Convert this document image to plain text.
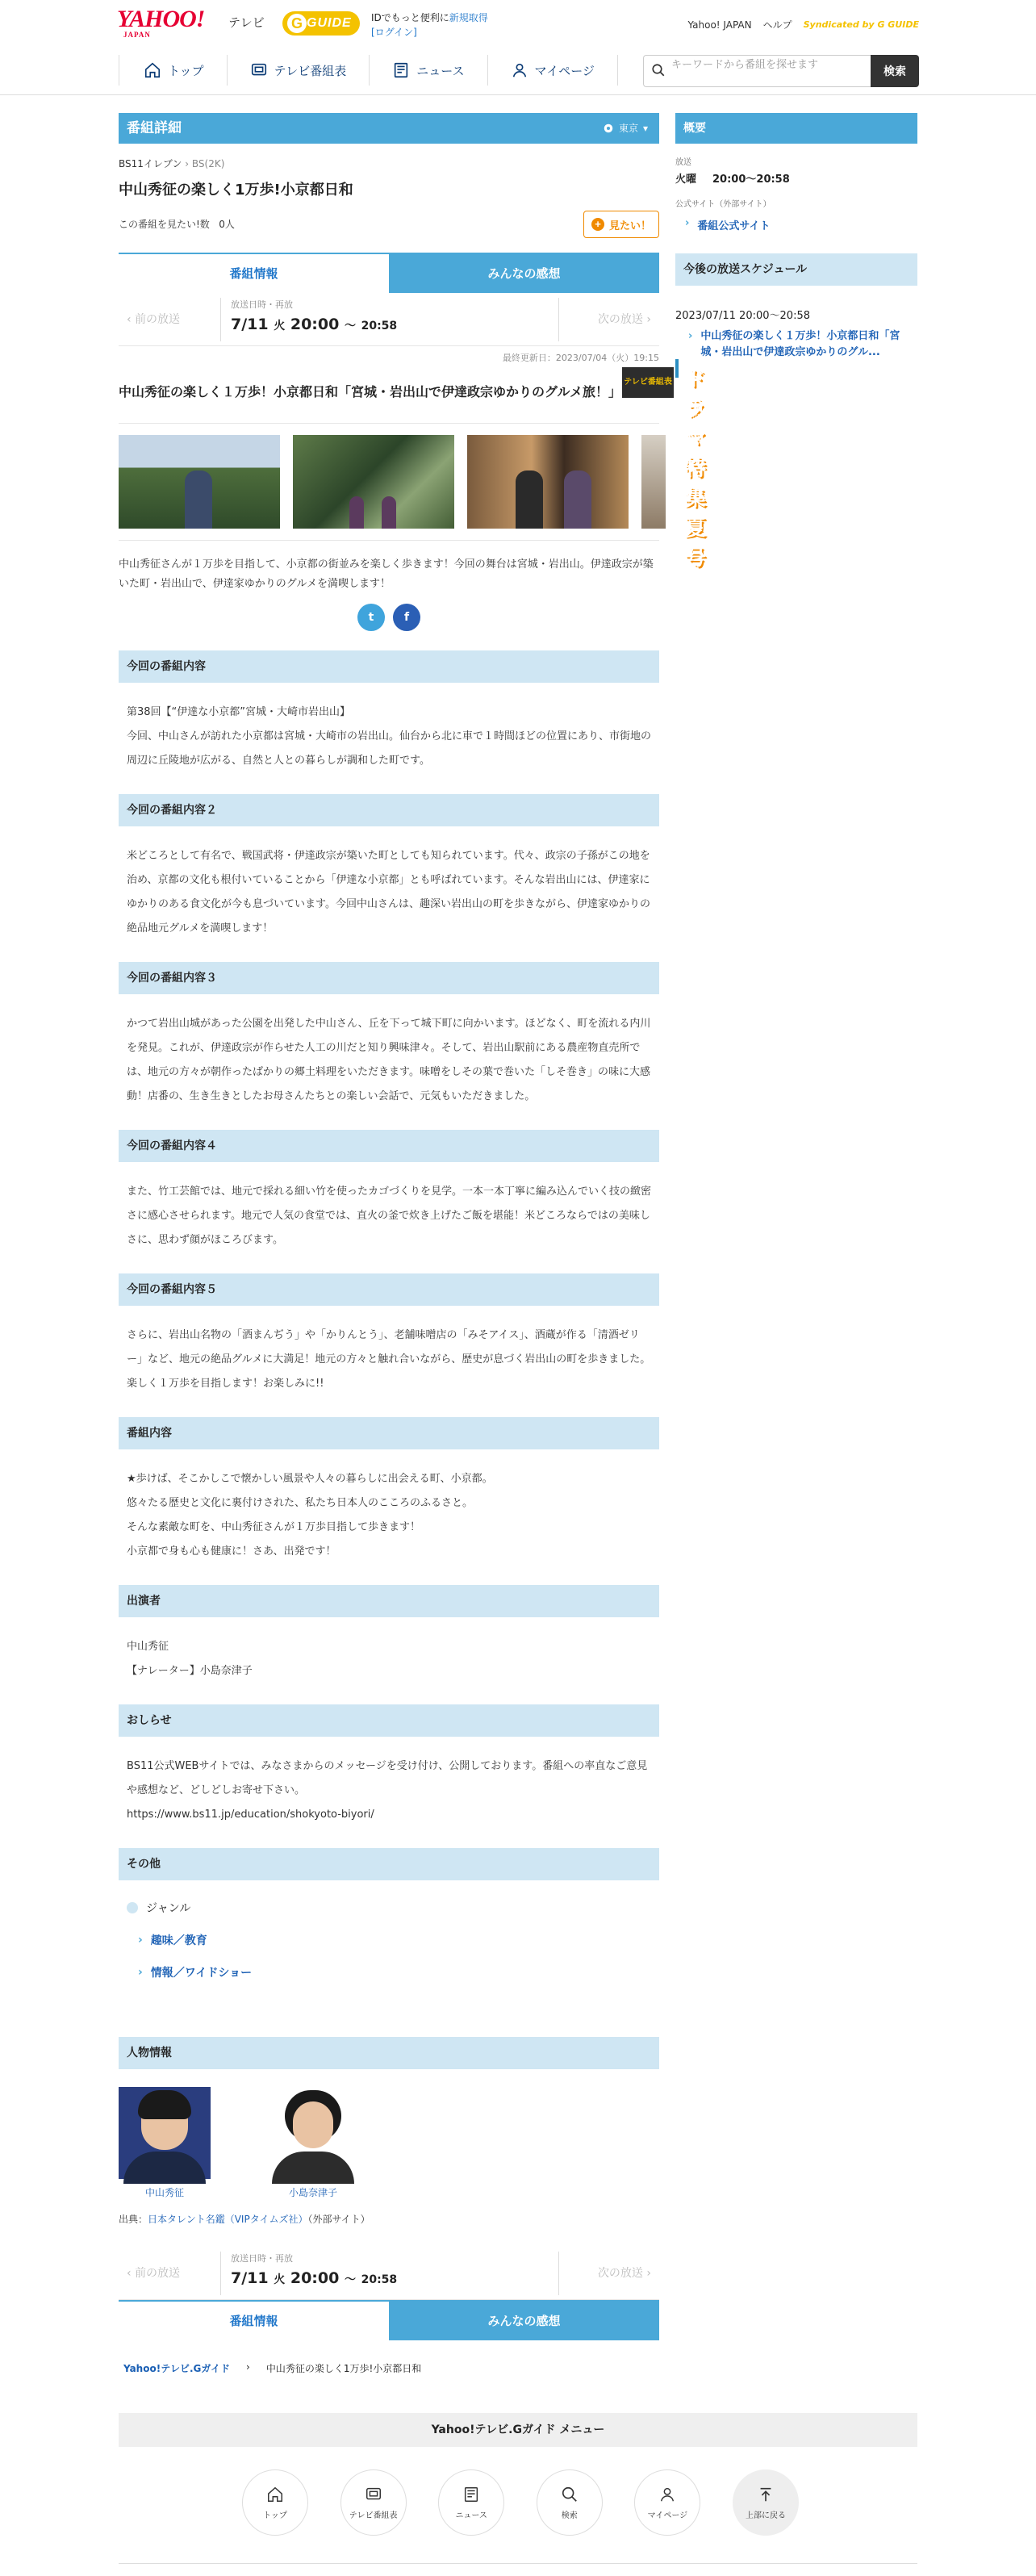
YAHOO!
JAPAN
テレビ G GUIDE IDでもっと便利に新規取得
[ログイン]
Yahoo! JAPAN ヘルプ Syndicated by G GUIDE
トップ	テレビ番組表	ニュース	マイページ	キーワードから番組を探せます	検索
番組詳細	東京 ▾
BS11イレブン › BS(2K)
中山秀征の楽しく1万歩!小京都日和
この番組を見たい!数 0人	+ 見たい！
番組情報	みんなの感想
‹ 前の放送
放送日時・再放
7/11 火 20:00 〜 20:58	次の放送 ›
最終更新日：2023/07/04（火）19:15
中山秀征の楽しく１万歩！小京都日和「宮城・岩出山で伊達政宗ゆかりのグルメ旅！」
中山秀征さんが１万歩を目指して、小京都の街並みを楽しく歩きます！今回の舞台は宮城・岩出山。伊達政宗が築いた町・岩出山で、伊達家ゆかりのグルメを満喫します！
t	f
今回の番組内容
第38回【“伊達な小京都”宮城・大崎市岩出山】
今回、中山さんが訪れた小京都は宮城・大崎市の岩出山。仙台から北に車で１時間ほどの位置にあり、市街地の周辺に丘陵地が広がる、自然と人との暮らしが調和した町です。
今回の番組内容２
米どころとして有名で、戦国武将・伊達政宗が築いた町としても知られています。代々、政宗の子孫がこの地を治め、京都の文化も根付いていることから「伊達な小京都」とも呼ばれています。そんな岩出山には、伊達家にゆかりのある食文化が今も息づいています。今回中山さんは、趣深い岩出山の町を歩きながら、伊達家ゆかりの絶品地元グルメを満喫します！
今回の番組内容３
かつて岩出山城があった公園を出発した中山さん、丘を下って城下町に向かいます。ほどなく、町を流れる内川を発見。これが、伊達政宗が作らせた人工の川だと知り興味津々。そして、岩出山駅前にある農産物直売所では、地元の方々が朝作ったばかりの郷土料理をいただきます。味噌をしその葉で巻いた「しそ巻き」の味に大感動！店番の、生き生きとしたお母さんたちとの楽しい会話で、元気もいただきました。
今回の番組内容４
また、竹工芸館では、地元で採れる細い竹を使ったカゴづくりを見学。一本一本丁寧に編み込んでいく技の緻密さに感心させられます。地元で人気の食堂では、直火の釜で炊き上げたご飯を堪能！米どころならではの美味しさに、思わず顔がほころびます。
今回の番組内容５
さらに、岩出山名物の「酒まんぢう」や「かりんとう」、老舗味噌店の「みそアイス」、酒蔵が作る「清酒ゼリー」など、地元の絶品グルメに大満足！地元の方々と触れ合いながら、歴史が息づく岩出山の町を歩きました。楽しく１万歩を目指します！お楽しみに!!
番組内容
★歩けば、そこかしこで懐かしい風景や人々の暮らしに出会える町、小京都。
悠々たる歴史と文化に裏付けされた、私たち日本人のこころのふるさと。
そんな素敵な町を、中山秀征さんが１万歩目指して歩きます！
小京都で身も心も健康に！さあ、出発です！
出演者
中山秀征
【ナレーター】小島奈津子
おしらせ
BS11公式WEBサイトでは、みなさまからのメッセージを受け付け、公開しております。番組への率直なご意見や感想など、どしどしお寄せ下さい。
https://www.bs11.jp/education/shokyoto-biyori/
その他
ジャンル
› 趣味／教育
› 情報／ワイドショー
人物情報
中山秀征	小島奈津子
出典：日本タレント名鑑（VIPタイムズ社）（外部サイト）
‹ 前の放送
放送日時・再放
7/11 火 20:00 〜 20:58	次の放送 ›
番組情報	みんなの感想
Yahoo!テレビ.Gガイド › 中山秀征の楽しく1万歩!小京都日和
概要
放送
火曜 20:00〜20:58
公式サイト（外部サイト）
› 番組公式サイト
今後の放送スケジュール
2023/07/11 20:00〜20:58
› 中山秀征の楽しく１万歩！小京都日和「宮城・岩出山で伊達政宗ゆかりのグル...
ドラマ特集夏号
話題の新ドラマを一挙紹介！
Yahoo!テレビ.Gガイド メニュー
トップ	テレビ番組表	ニュース	検索	マイページ	上部に戻る
